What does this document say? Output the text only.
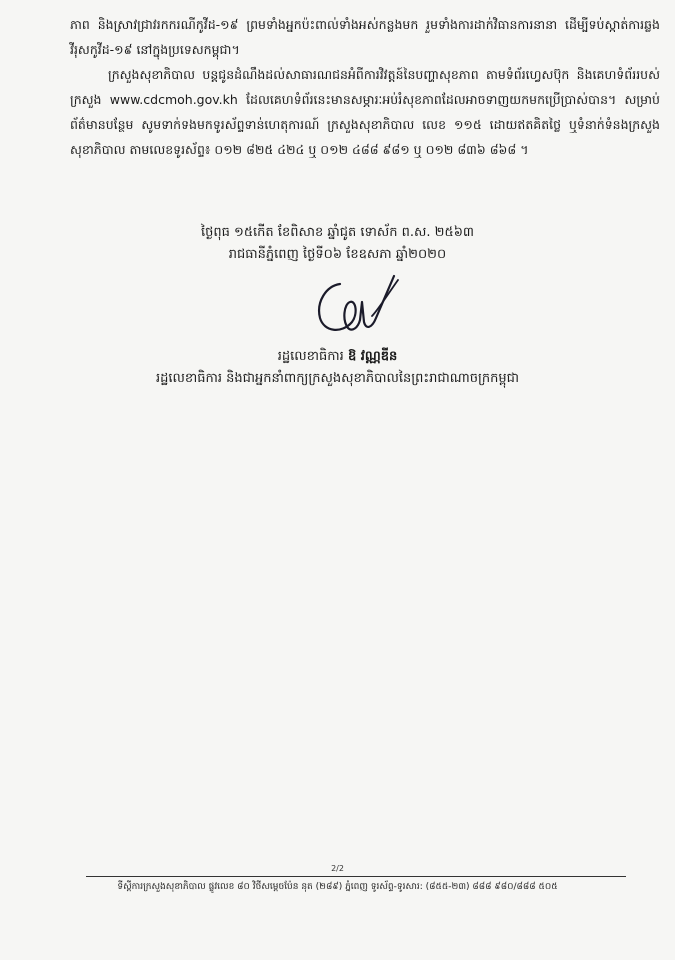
ភាព និងស្រាវជ្រាវរកករណីកូវីដ-១៩ ព្រមទាំងអ្នកប៉ះពាល់ទាំងអស់កន្លងមក រួមទាំងការដាក់វិធានការនានា ដើម្បីទប់ស្កាត់ការឆ្លងវីរុសកូវីដ-១៩ នៅក្នុងប្រទេសកម្ពុជា។

ក្រសួងសុខាភិបាល បន្តជូនដំណឹងដល់សាធារណជនអំពីការវិវត្តន៍នៃបញ្ហាសុខភាព តាមទំព័រហ្វេសប៊ុក និងគេហទំព័ររបស់ក្រសួង www.cdcmoh.gov.kh ដែលគេហទំព័រនេះមានសម្ភារៈអប់រំសុខភាពដែលអាចទាញយកមកប្រើប្រាស់បាន។ សម្រាប់ព័ត៌មានបន្ថែម សូមទាក់ទងមកទូរស័ព្ទទាន់ហេតុការណ៍ ក្រសួងសុខាភិបាល លេខ ១១៥ ដោយឥតគិតថ្លៃ ឬទំនាក់ទំនងក្រសួងសុខាភិបាល តាមលេខទូរស័ព្ទ៖ ០១២ ៨២៥ ៤២៤ ឬ ០១២ ៤៨៨ ៩៨១ ឬ ០១២ ៨៣៦ ៨៦៨ ។

ថ្ងៃពុធ ១៥កើត ខែពិសាខ ឆ្នាំជូត ទោស័ក ព.ស. ២៥៦៣
រាជធានីភ្នំពេញ ថ្ងៃទី០៦ ខែឧសភា ឆ្នាំ២០២០
រដ្ឋលេខាធិការ ឱ វណ្ណឌីន
រដ្ឋលេខាធិការ និងជាអ្នកនាំពាក្យក្រសួងសុខាភិបាលនៃព្រះរាជាណាចក្រកម្ពុជា
2/2
ទីស្តីការក្រសួងសុខាភិបាល ផ្លូវលេខ ៨០ វិថីសម្តេចប៉ែន នុត (២៨៩) ភ្នំពេញ ទូរស័ព្ទ-ទូរសារ: (៨៥៥-២៣) ៨៨៨ ៩៨០/៨៨៨ ៥០៥
